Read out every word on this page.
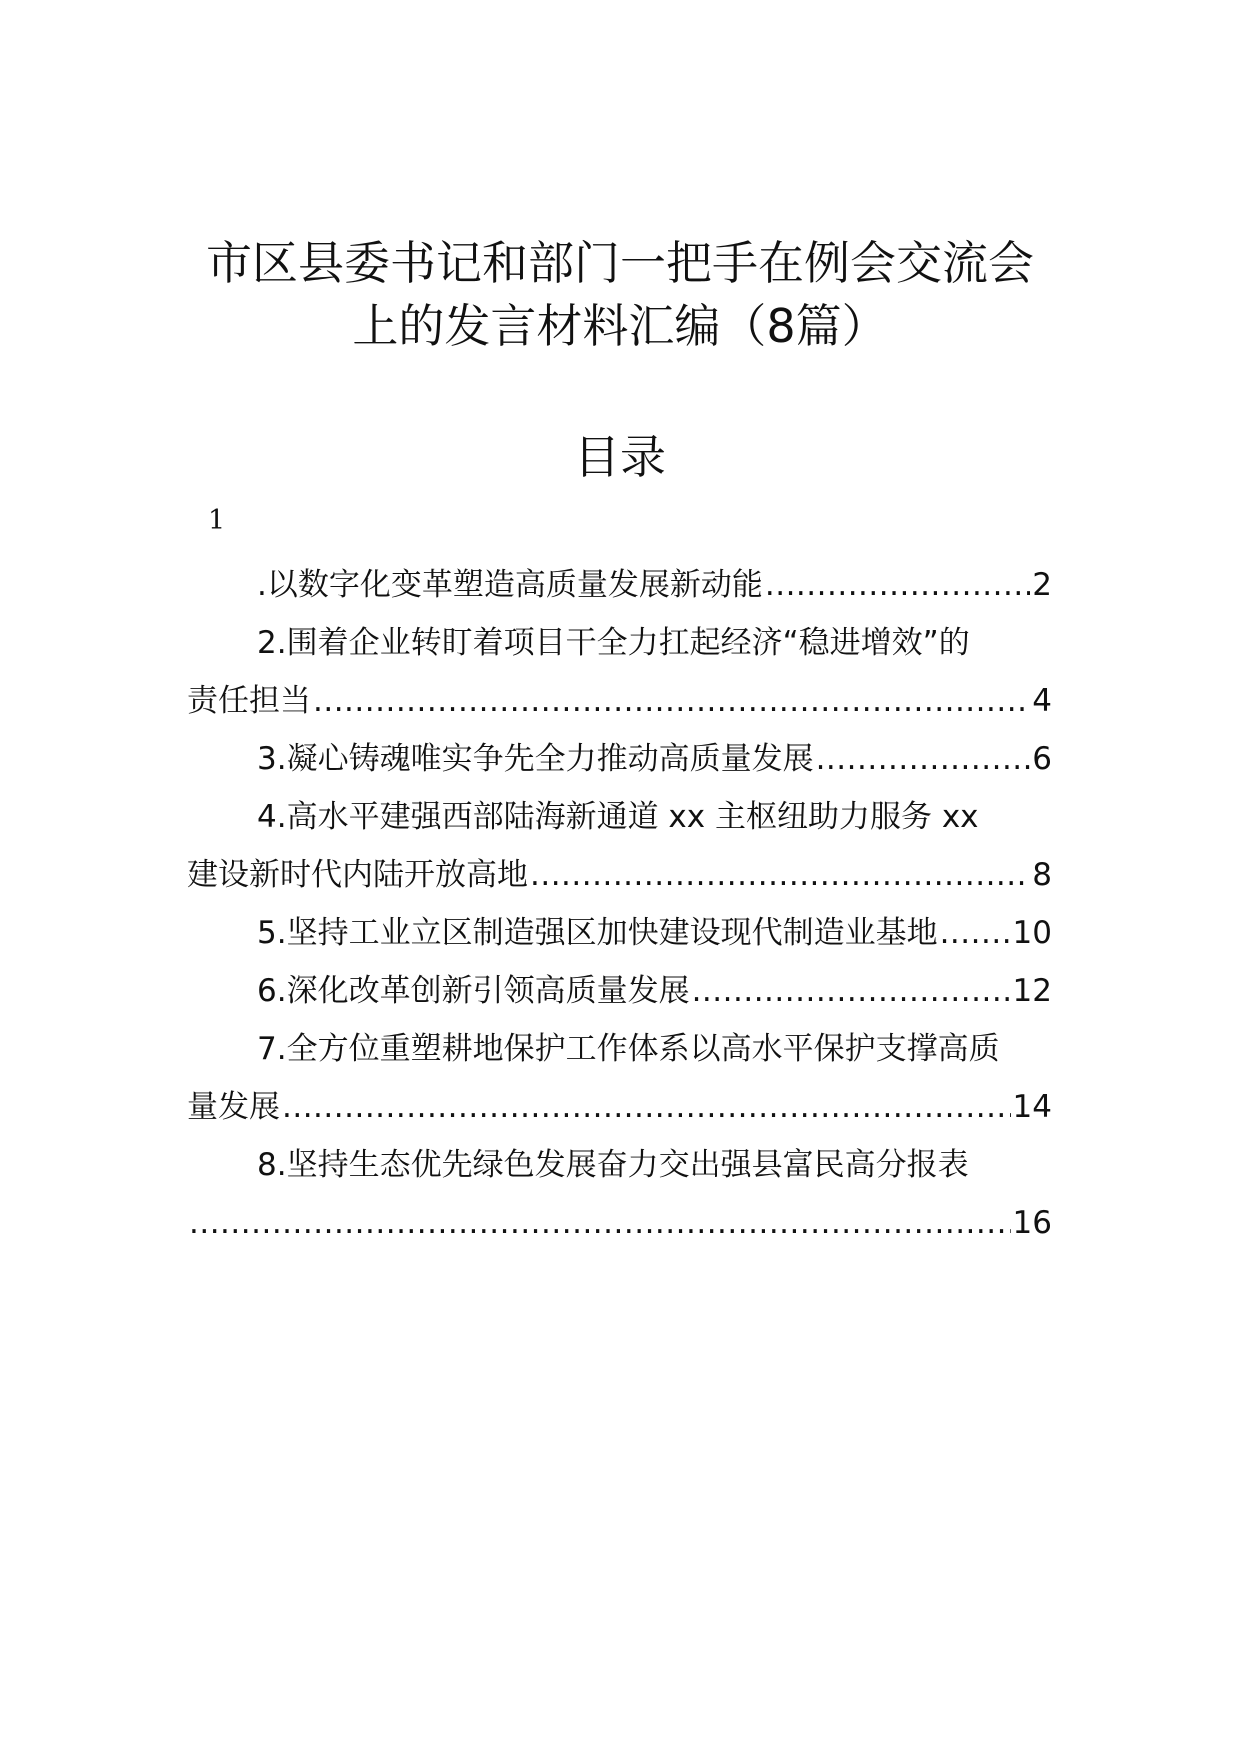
市区县委书记和部门一把手在例会交流会
上的发言材料汇编（8篇）
目录
1
.以数字化变革塑造高质量发展新动能 .....	2
2.围着企业转盯着项目干全力扛起经济“稳进增效”的
责任担当 .....	4
3.凝心铸魂唯实争先全力推动高质量发展 .....	6
4.高水平建强西部陆海新通道 xx 主枢纽助力服务 xx
建设新时代内陆开放高地 .....	8
5.坚持工业立区制造强区加快建设现代制造业基地 ..... 10
6.深化改革创新引领高质量发展 .....	12
7.全方位重塑耕地保护工作体系以高水平保护支撑高质
量发展 .....	14
8.坚持生态优先绿色发展奋力交出强县富民高分报表
.....
16
